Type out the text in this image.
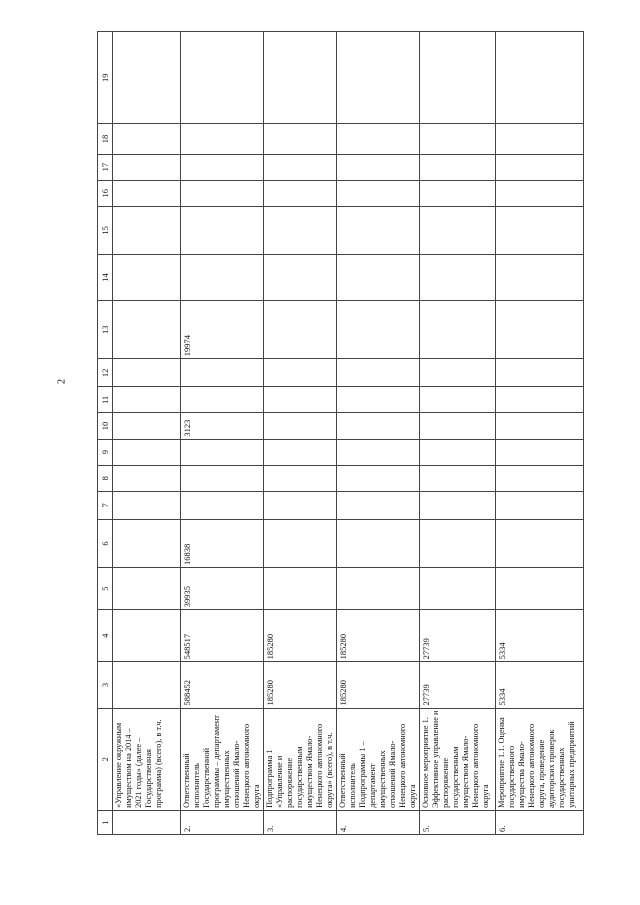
2
1	2	3	4	5	6	7	8	9	10	11	12	13	14	15	16	17	18	19
	«Управление окружным имуществом на 2014 – 2021 годы» (далее – Государственная программа) (всего), в т.ч.																	
2.	Ответственный исполнитель Государственной программы – департамент имущественных отношений Ямало-Ненецкого автономного округа	588452	548517	39935	16838				3123			19974						
3.	Подпрограмма 1 «Управление и распоряжение государственным имуществом Ямало-Ненецкого автономного округа» (всего), в т.ч.	185280	185280															
4.	Ответственный исполнитель Подпрограммы 1 – департамент имущественных отношений Ямало-Ненецкого автономного округа	185280	185280															
5.	Основное мероприятие 1. Эффективное управление и распоряжение государственным имуществом Ямало-Ненецкого автономного округа	27739	27739															
6.	Мероприятие 1.1. Оценка государственного имущества Ямало-Ненецкого автономного округа, проведение аудиторских проверок государственных унитарных предприятий	5334	5334															
